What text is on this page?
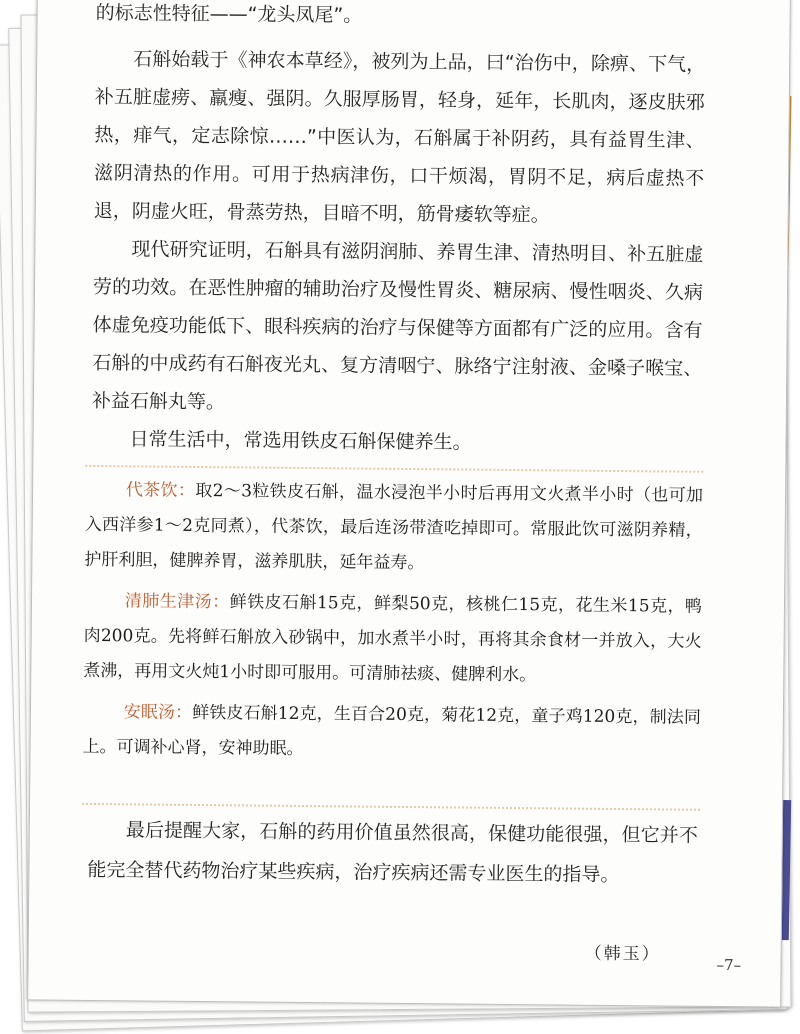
的标志性特征——“龙头凤尾”。

石斛始载于《神农本草经》，被列为上品，曰“治伤中，除痹、下气，补五脏虚痨、羸瘦、强阴。久服厚肠胃，轻身，延年，长肌肉，逐皮肤邪热，痱气，定志除惊……”中医认为，石斛属于补阴药，具有益胃生津、滋阴清热的作用。可用于热病津伤，口干烦渴，胃阴不足，病后虚热不退，阴虚火旺，骨蒸劳热，目暗不明，筋骨痿软等症。

现代研究证明，石斛具有滋阴润肺、养胃生津、清热明目、补五脏虚劳的功效。在恶性肿瘤的辅助治疗及慢性胃炎、糖尿病、慢性咽炎、久病体虚免疫功能低下、眼科疾病的治疗与保健等方面都有广泛的应用。含有石斛的中成药有石斛夜光丸、复方清咽宁、脉络宁注射液、金嗓子喉宝、补益石斛丸等。

日常生活中，常选用铁皮石斛保健养生。

代茶饮：取2～3粒铁皮石斛，温水浸泡半小时后再用文火煮半小时（也可加入西洋参1～2克同煮），代茶饮，最后连汤带渣吃掉即可。常服此饮可滋阴养精，护肝利胆，健脾养胃，滋养肌肤，延年益寿。

清肺生津汤：鲜铁皮石斛15克，鲜梨50克，核桃仁15克，花生米15克，鸭肉200克。先将鲜石斛放入砂锅中，加水煮半小时，再将其余食材一并放入，大火煮沸，再用文火炖1小时即可服用。可清肺祛痰、健脾利水。

安眠汤：鲜铁皮石斛12克，生百合20克，菊花12克，童子鸡120克，制法同上。可调补心肾，安神助眠。

最后提醒大家，石斛的药用价值虽然很高，保健功能很强，但它并不能完全替代药物治疗某些疾病，治疗疾病还需专业医生的指导。

（韩玉）
–7–
